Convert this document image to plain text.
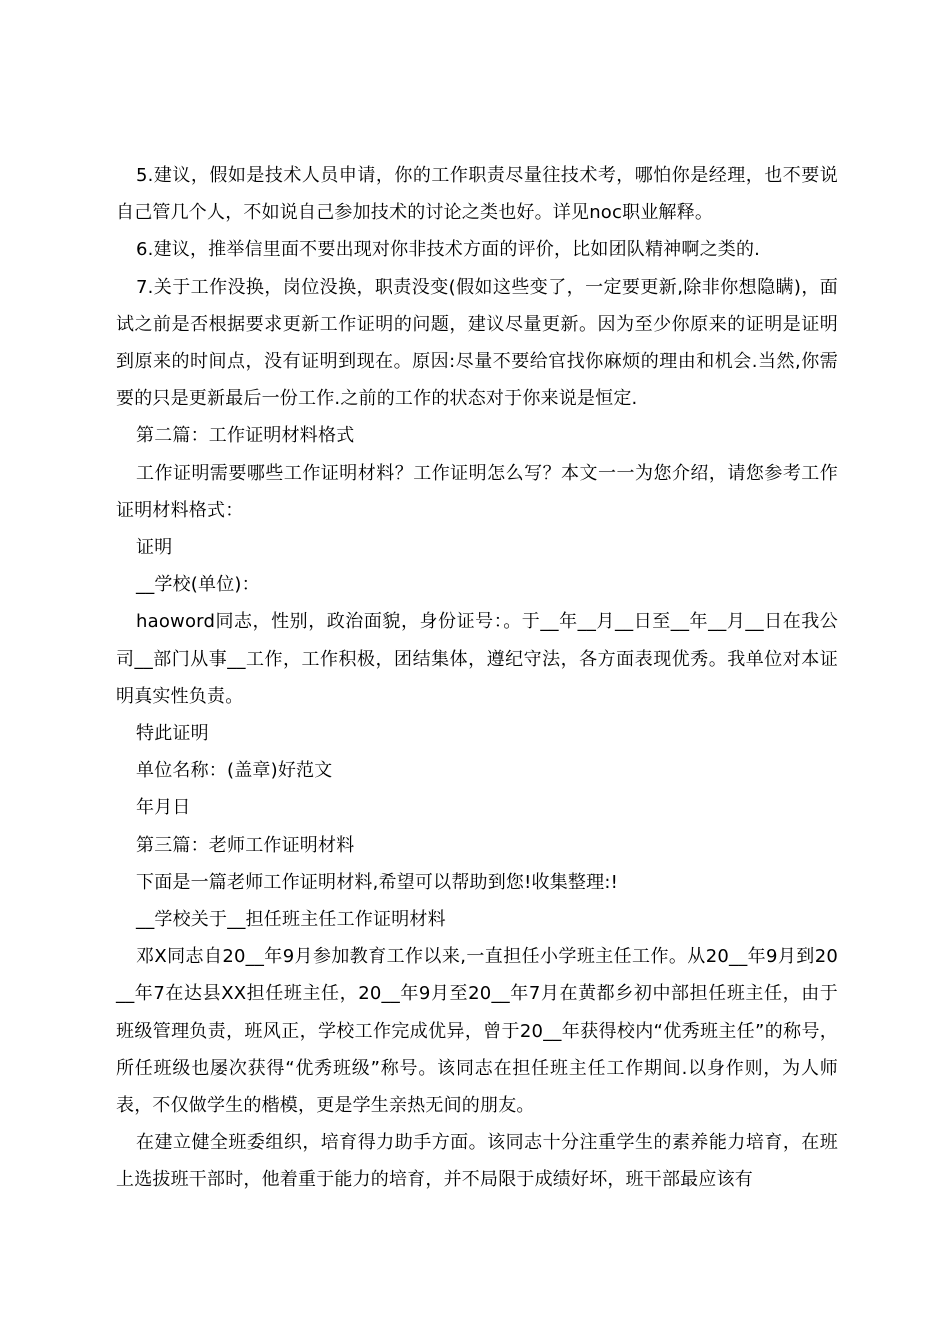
5.建议，假如是技术人员申请，你的工作职责尽量往技术考，哪怕你是经理，也不要说自己管几个人，不如说自己参加技术的讨论之类也好。详见noc职业解释。

6.建议，推举信里面不要出现对你非技术方面的评价，比如团队精神啊之类的.

7.关于工作没换，岗位没换，职责没变(假如这些变了，一定要更新,除非你想隐瞒)，面试之前是否根据要求更新工作证明的问题，建议尽量更新。因为至少你原来的证明是证明到原来的时间点，没有证明到现在。原因:尽量不要给官找你麻烦的理由和机会.当然,你需要的只是更新最后一份工作.之前的工作的状态对于你来说是恒定.

第二篇：工作证明材料格式

工作证明需要哪些工作证明材料？工作证明怎么写？本文一一为您介绍，请您参考工作证明材料格式：

证明

__学校(单位)：

haoword同志，性别，政治面貌，身份证号：。于__年__月__日至__年__月__日在我公司__部门从事__工作，工作积极，团结集体，遵纪守法，各方面表现优秀。我单位对本证明真实性负责。

特此证明

单位名称：(盖章)好范文

年月日

第三篇：老师工作证明材料

下面是一篇老师工作证明材料,希望可以帮助到您!收集整理:!

__学校关于__担任班主任工作证明材料

邓X同志自20__年9月参加教育工作以来,一直担任小学班主任工作。从20__年9月到20__年7在达县XX担任班主任，20__年9月至20__年7月在黄都乡初中部担任班主任，由于班级管理负责，班风正，学校工作完成优异，曾于20__年获得校内“优秀班主任”的称号，所任班级也屡次获得“优秀班级”称号。该同志在担任班主任工作期间.以身作则，为人师表，不仅做学生的楷模，更是学生亲热无间的朋友。

在建立健全班委组织，培育得力助手方面。该同志十分注重学生的素养能力培育，在班上选拔班干部时，他着重于能力的培育，并不局限于成绩好坏，班干部最应该有
